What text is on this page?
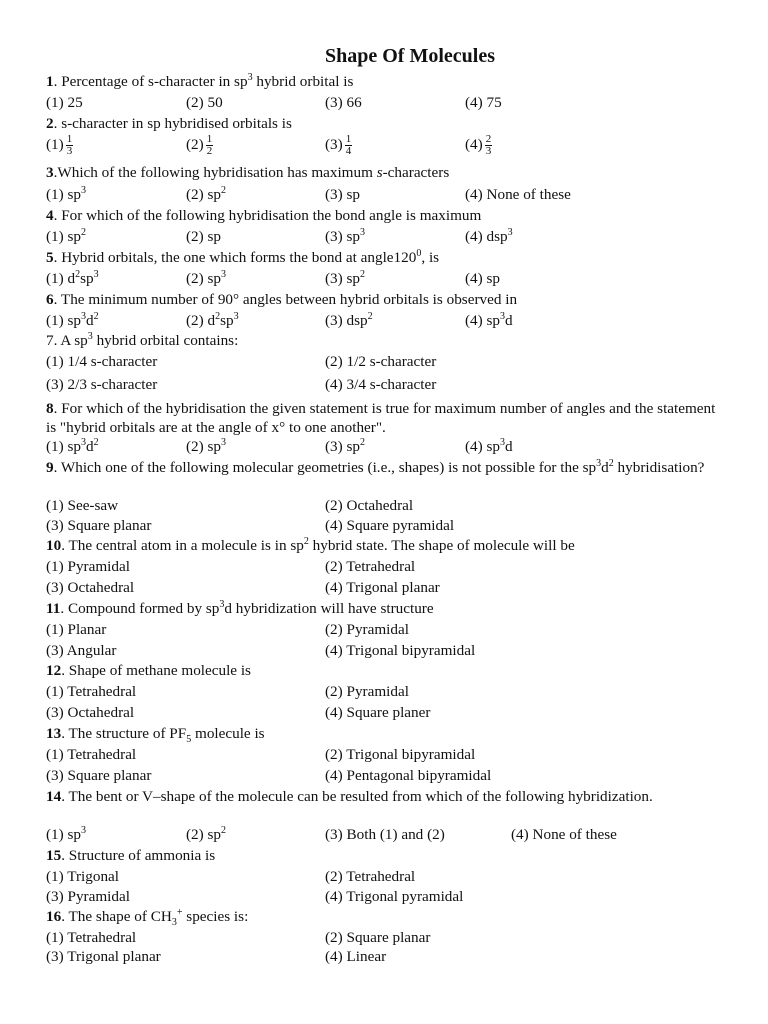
Shape Of Molecules
1. Percentage of s-character in $sp^3$ hybrid orbital is
(1) 25	(2) 50	(3) 66	(4) 75
2. s-character in sp hybridised orbitals is
$(1) \frac{1}{3}$	$(2) \frac{1}{2}$	$(3) \frac{1}{4}$	$(4) \frac{2}{3}$
3.Which of the following hybridisation has maximum s-characters
(1) $sp^3$	(2) $sp^2$	(3) sp	(4) None of these
4. For which of the following hybridisation the bond angle is maximum
(1) $sp^2$	(2) sp	(3) $sp^3$	(4) dsp$^3$
5. Hybrid orbitals, the one which forms the bond at $angle120^0$, is
(1) $d^2sp^3$	(2) $sp^3$	(3) $sp^2$	(4) sp
6. The minimum number of 90° angles between hybrid orbitals is observed in
(1) $sp^3d^2$	(2) $d^2sp^3$	(3) dsp$^2$	(4) $sp^3d$
7. A $sp^3$ hybrid orbital contains:
(1) 1/4 s-character	(2) 1/2 s-character
(3) 2/3 s-character	(4) 3/4 s-character
8. For which of the hybridisation the given statement is true for maximum number of angles and the statement is "hybrid orbitals are at the angle of x° to one another".
(1) $sp^3d^2$	(2) $sp^3$	(3) $sp^2$	(4) $sp^3d$
9. Which one of the following molecular geometries (i.e., shapes) is not possible for the $sp^3d^2$ hybridisation?
(1) See-saw	(2) Octahedral
(3) Square planar	(4) Square pyramidal
10. The central atom in a molecule is in $sp^2$ hybrid state. The shape of molecule will be
(1) Pyramidal	(2) Tetrahedral
(3) Octahedral	(4) Trigonal planar
11. Compound formed by $sp^3d$ hybridization will have structure
(1) Planar	(2) Pyramidal
(3) Angular	(4) Trigonal bipyramidal
12. Shape of methane molecule is
(1) Tetrahedral	(2) Pyramidal
(3) Octahedral	(4) Square planer
13. The structure of $PF_5$ molecule is
(1) Tetrahedral	(2) Trigonal bipyramidal
(3) Square planar	(4) Pentagonal bipyramidal
14. The bent or V–shape of the molecule can be resulted from which of the following hybridization.
(1) $sp^3$	(2) $sp^2$	(3) Both (1) and (2)	(4) None of these
15. Structure of ammonia is
(1) Trigonal	(2) Tetrahedral
(3) Pyramidal	(4) Trigonal pyramidal
16. The shape of $CH_3^+$ species is:
(1) Tetrahedral	(2) Square planar
(3) Trigonal planar	(4) Linear
